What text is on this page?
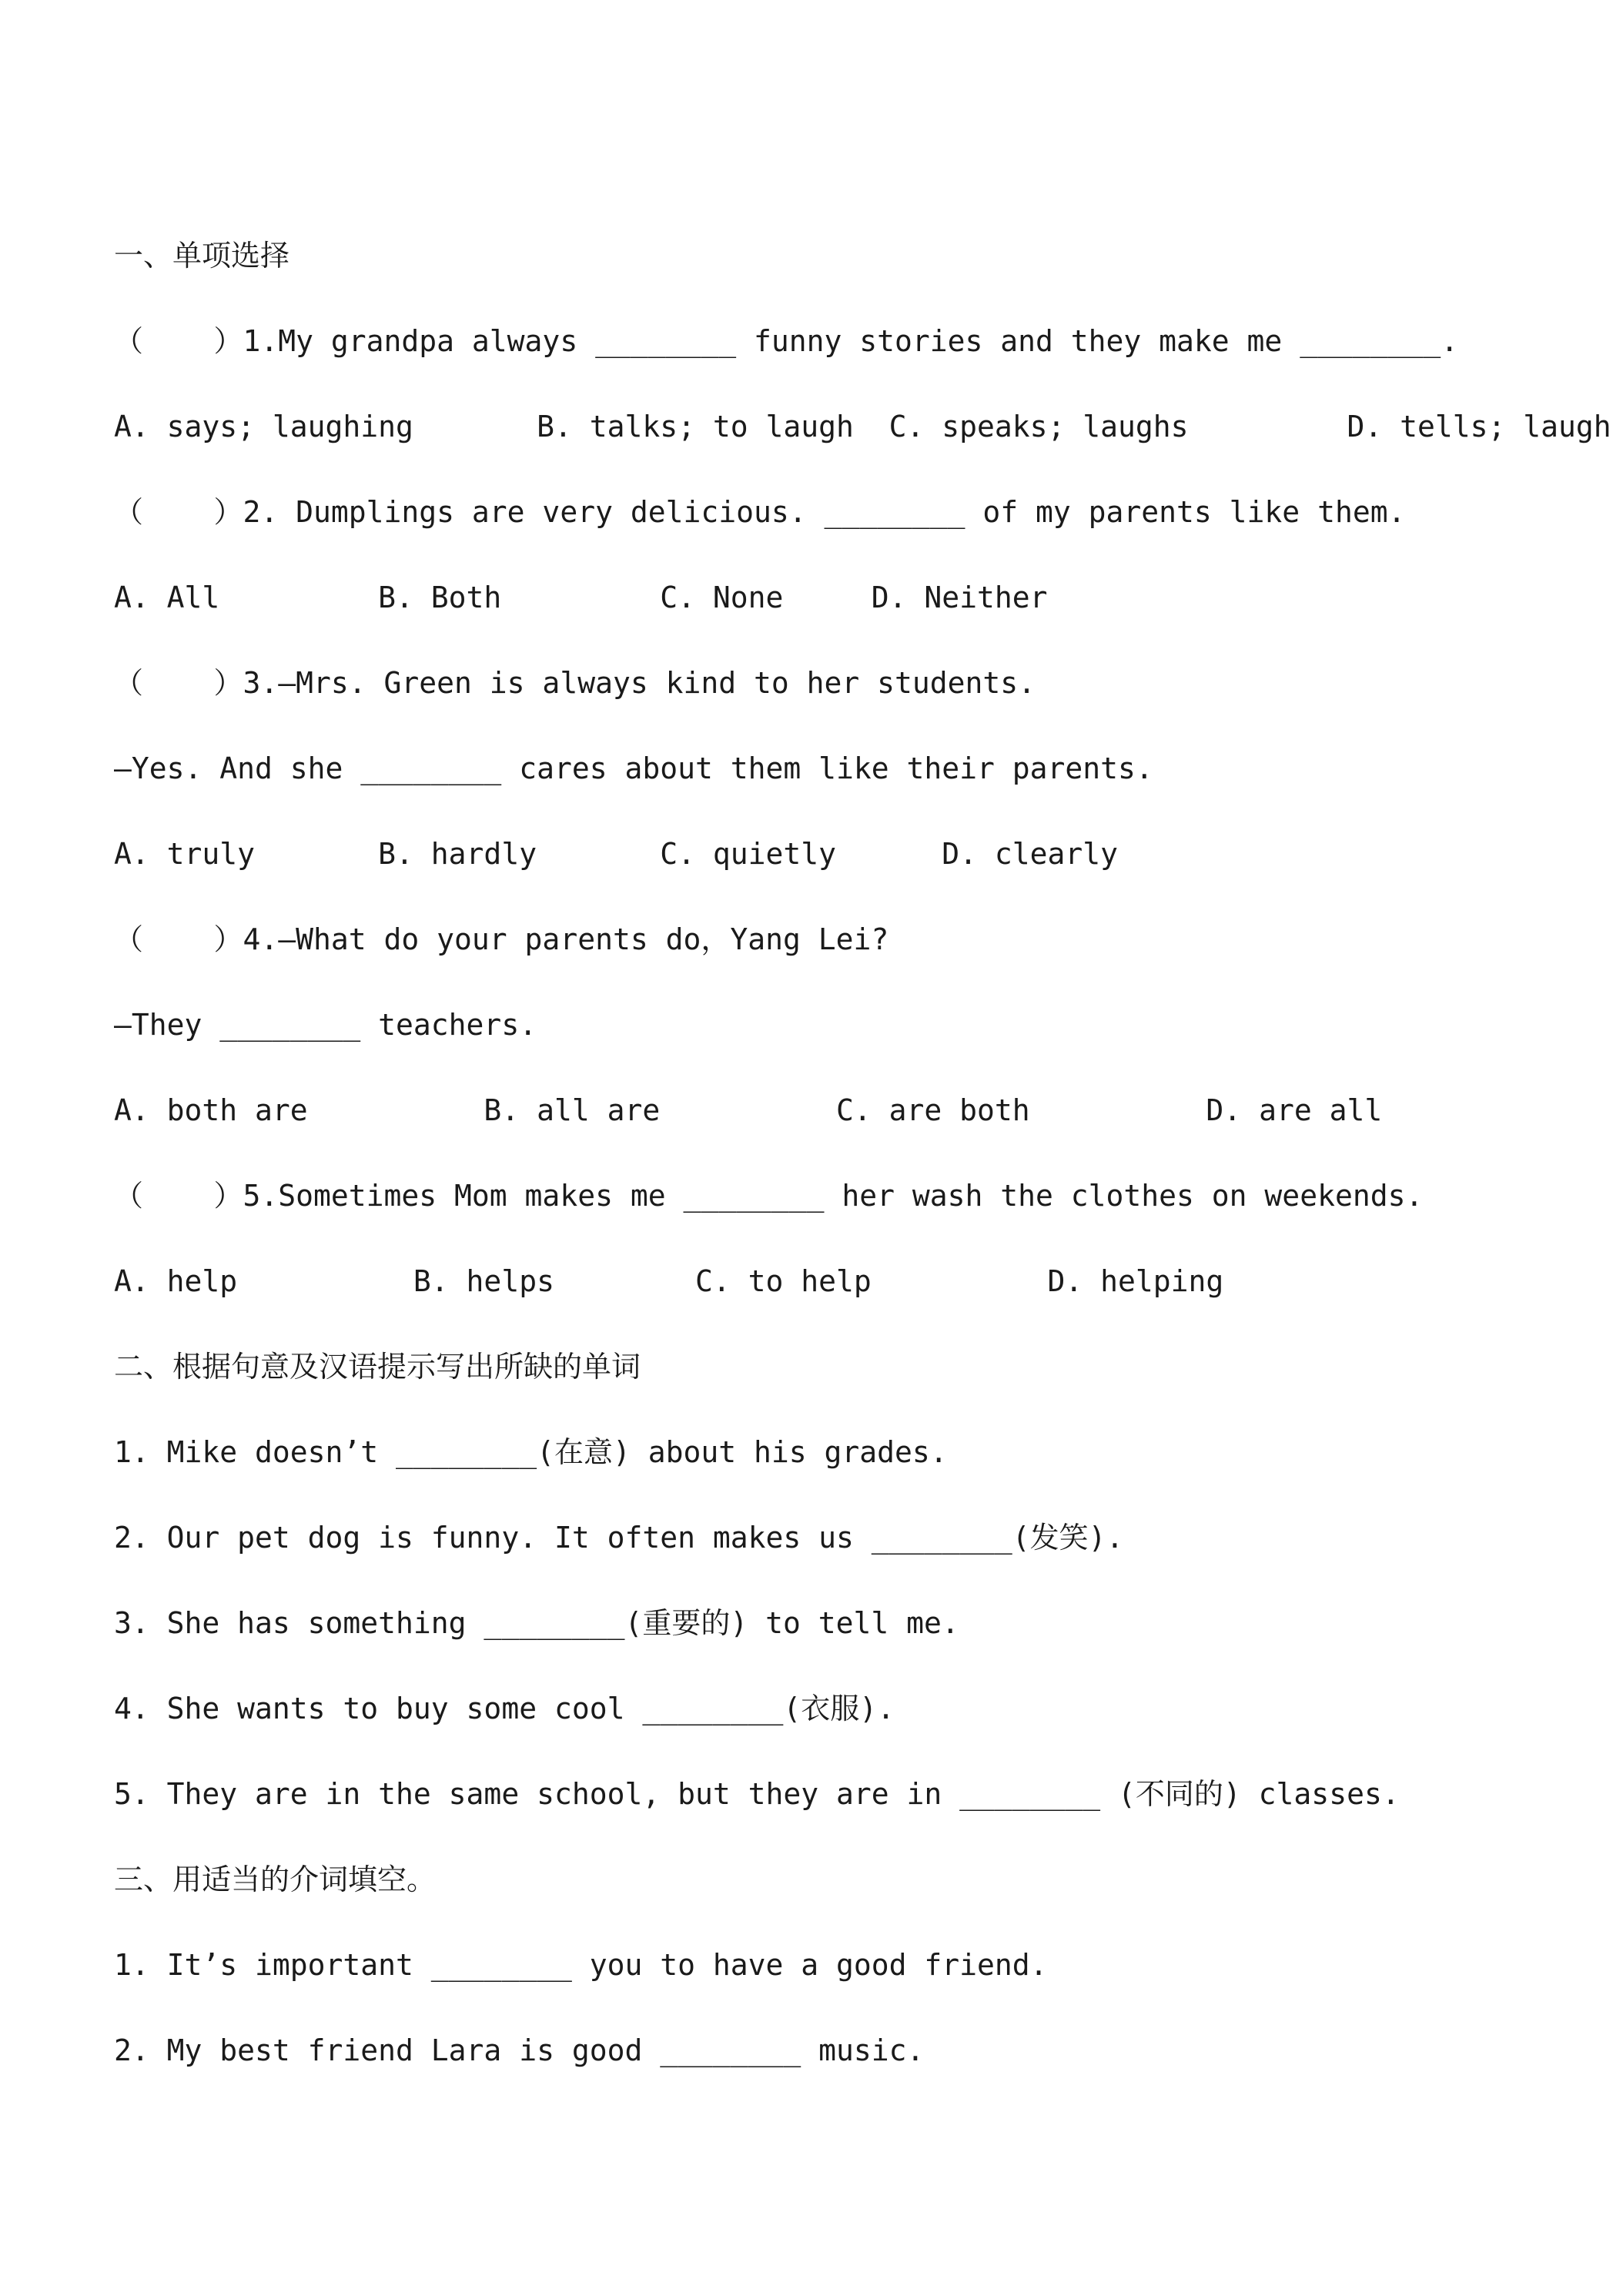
一、单项选择
（    ）1.My grandpa always ________ funny stories and they make me ________.
A. says; laughing       B. talks; to laugh  C. speaks; laughs         D. tells; laugh
（    ）2. Dumplings are very delicious. ________ of my parents like them.
A. All         B. Both         C. None     D. Neither
（    ）3.—Mrs. Green is always kind to her students.
—Yes. And she ________ cares about them like their parents.
A. truly       B. hardly       C. quietly      D. clearly
（    ）4.—What do your parents do，Yang Lei?
—They ________ teachers.
A. both are          B. all are          C. are both          D. are all
（    ）5.Sometimes Mom makes me ________ her wash the clothes on weekends.
A. help          B. helps        C. to help          D. helping
二、根据句意及汉语提示写出所缺的单词
1. Mike doesn’t ________(在意) about his grades.
2. Our pet dog is funny. It often makes us ________(发笑).
3. She has something ________(重要的) to tell me.
4. She wants to buy some cool ________(衣服).
5. They are in the same school, but they are in ________ (不同的) classes.
三、用适当的介词填空。
1. It’s important ________ you to have a good friend.
2. My best friend Lara is good ________ music.
